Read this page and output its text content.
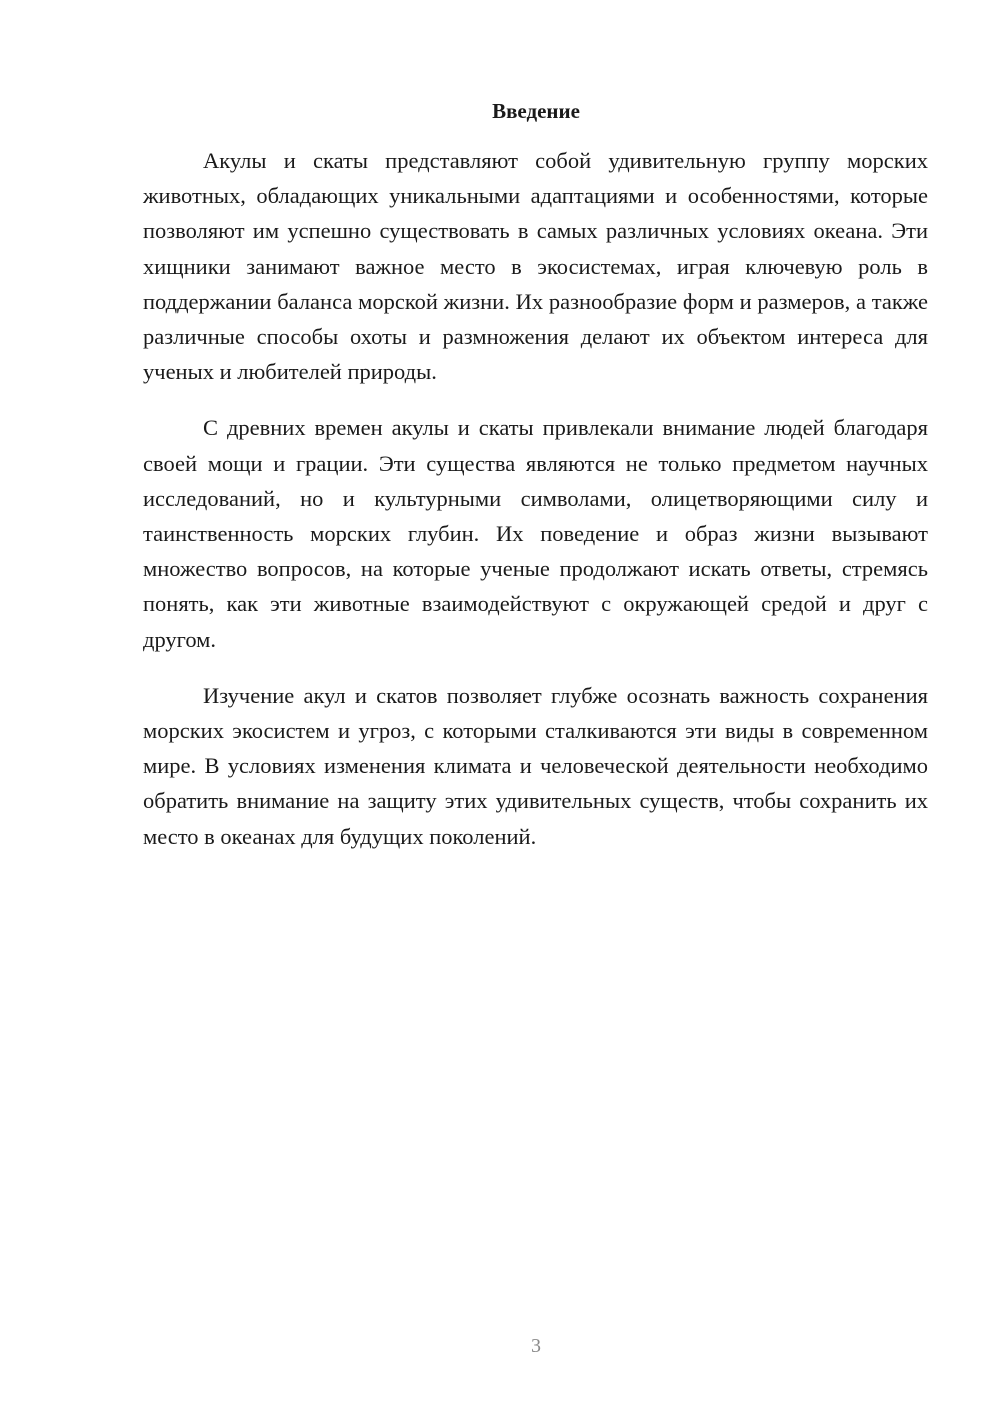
Введение

Акулы и скаты представляют собой удивительную группу морских животных, обладающих уникальными адаптациями и особенностями, которые позволяют им успешно существовать в самых различных условиях океана. Эти хищники занимают важное место в экосистемах, играя ключевую роль в поддержании баланса морской жизни. Их разнообразие форм и размеров, а также различные способы охоты и размножения делают их объектом интереса для ученых и любителей природы.

С древних времен акулы и скаты привлекали внимание людей благодаря своей мощи и грации. Эти существа являются не только предметом научных исследований, но и культурными символами, олицетворяющими силу и таинственность морских глубин. Их поведение и образ жизни вызывают множество вопросов, на которые ученые продолжают искать ответы, стремясь понять, как эти животные взаимодействуют с окружающей средой и друг с другом.

Изучение акул и скатов позволяет глубже осознать важность сохранения морских экосистем и угроз, с которыми сталкиваются эти виды в современном мире. В условиях изменения климата и человеческой деятельности необходимо обратить внимание на защиту этих удивительных существ, чтобы сохранить их место в океанах для будущих поколений.

3
